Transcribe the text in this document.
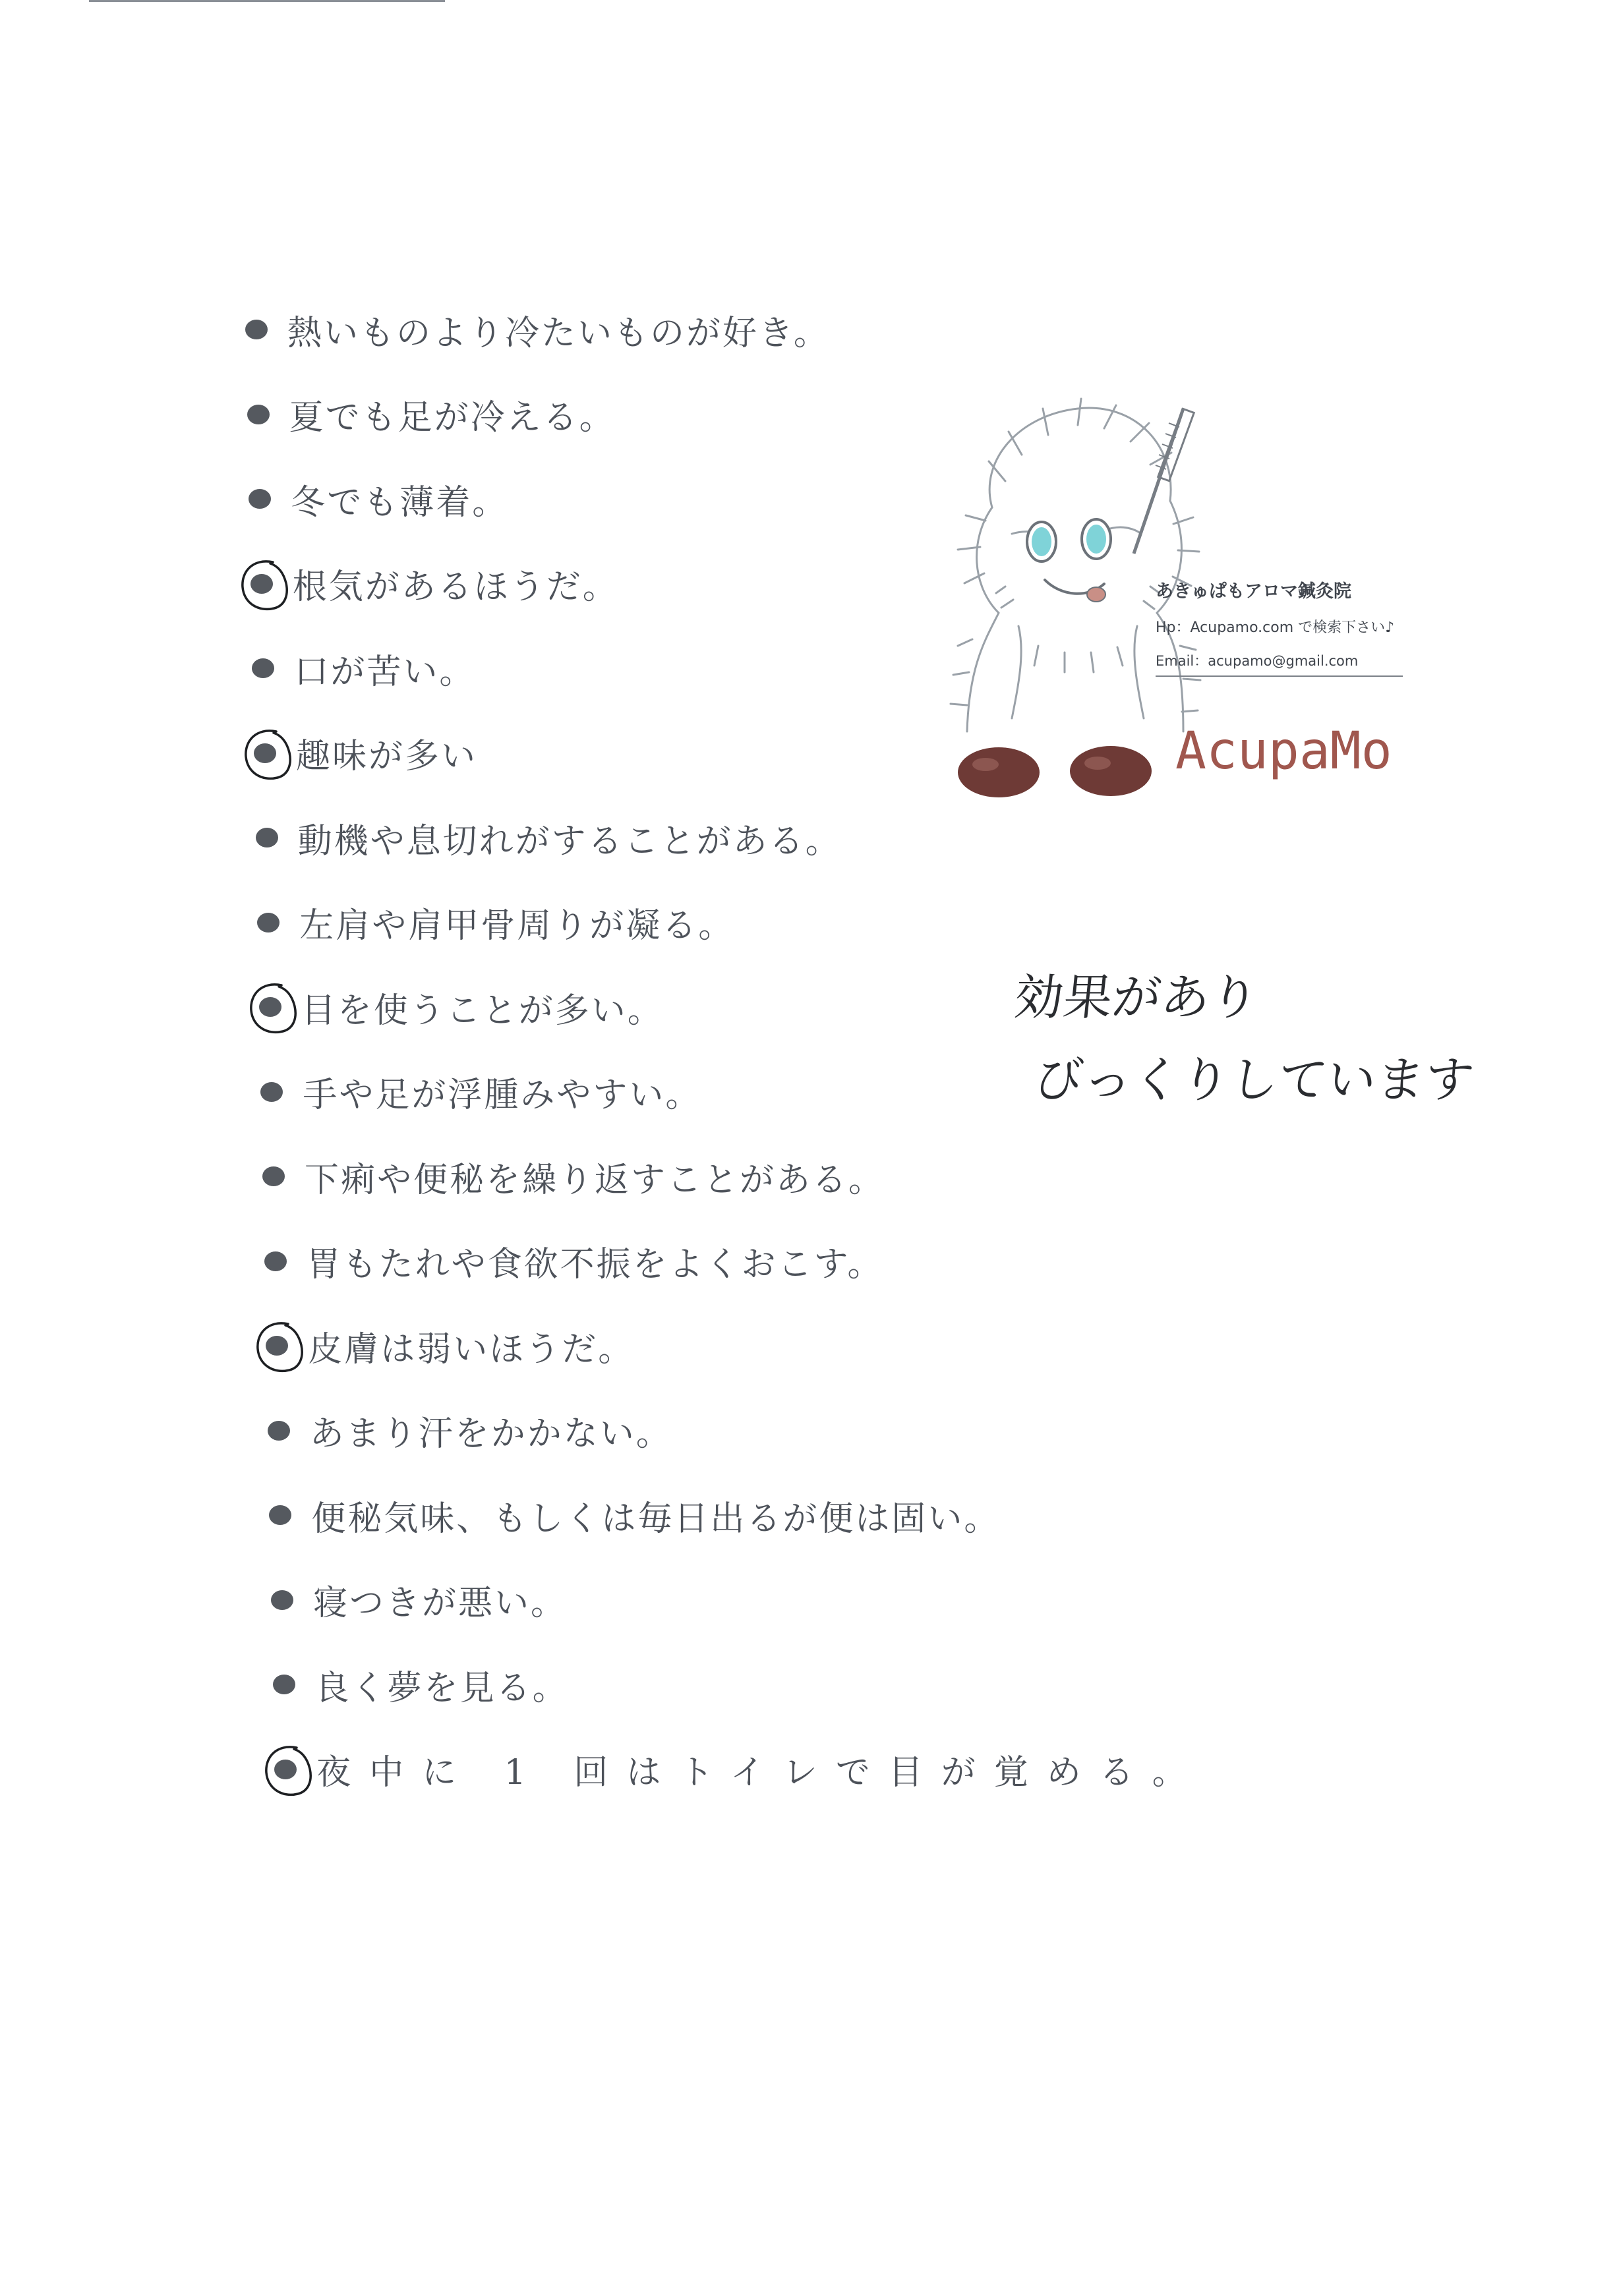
熱いものより冷たいものが好き。
夏でも足が冷える。
冬でも薄着。
根気があるほうだ。
口が苦い。
趣味が多い
動機や息切れがすることがある。
左肩や肩甲骨周りが凝る。
目を使うことが多い。
手や足が浮腫みやすい。
下痢や便秘を繰り返すことがある。
胃もたれや食欲不振をよくおこす。
皮膚は弱いほうだ。
あまり汗をかかない。
便秘気味、もしくは毎日出るが便は固い。
寝つきが悪い。
良く夢を見る。
夜中に 1 回はトイレで目が覚める。
あきゅぱもアロマ鍼灸院
Hp：Acupamo.com で検索下さい♪
Email：acupamo@gmail.com
AcupaMo
効果があり
びっくりしています
